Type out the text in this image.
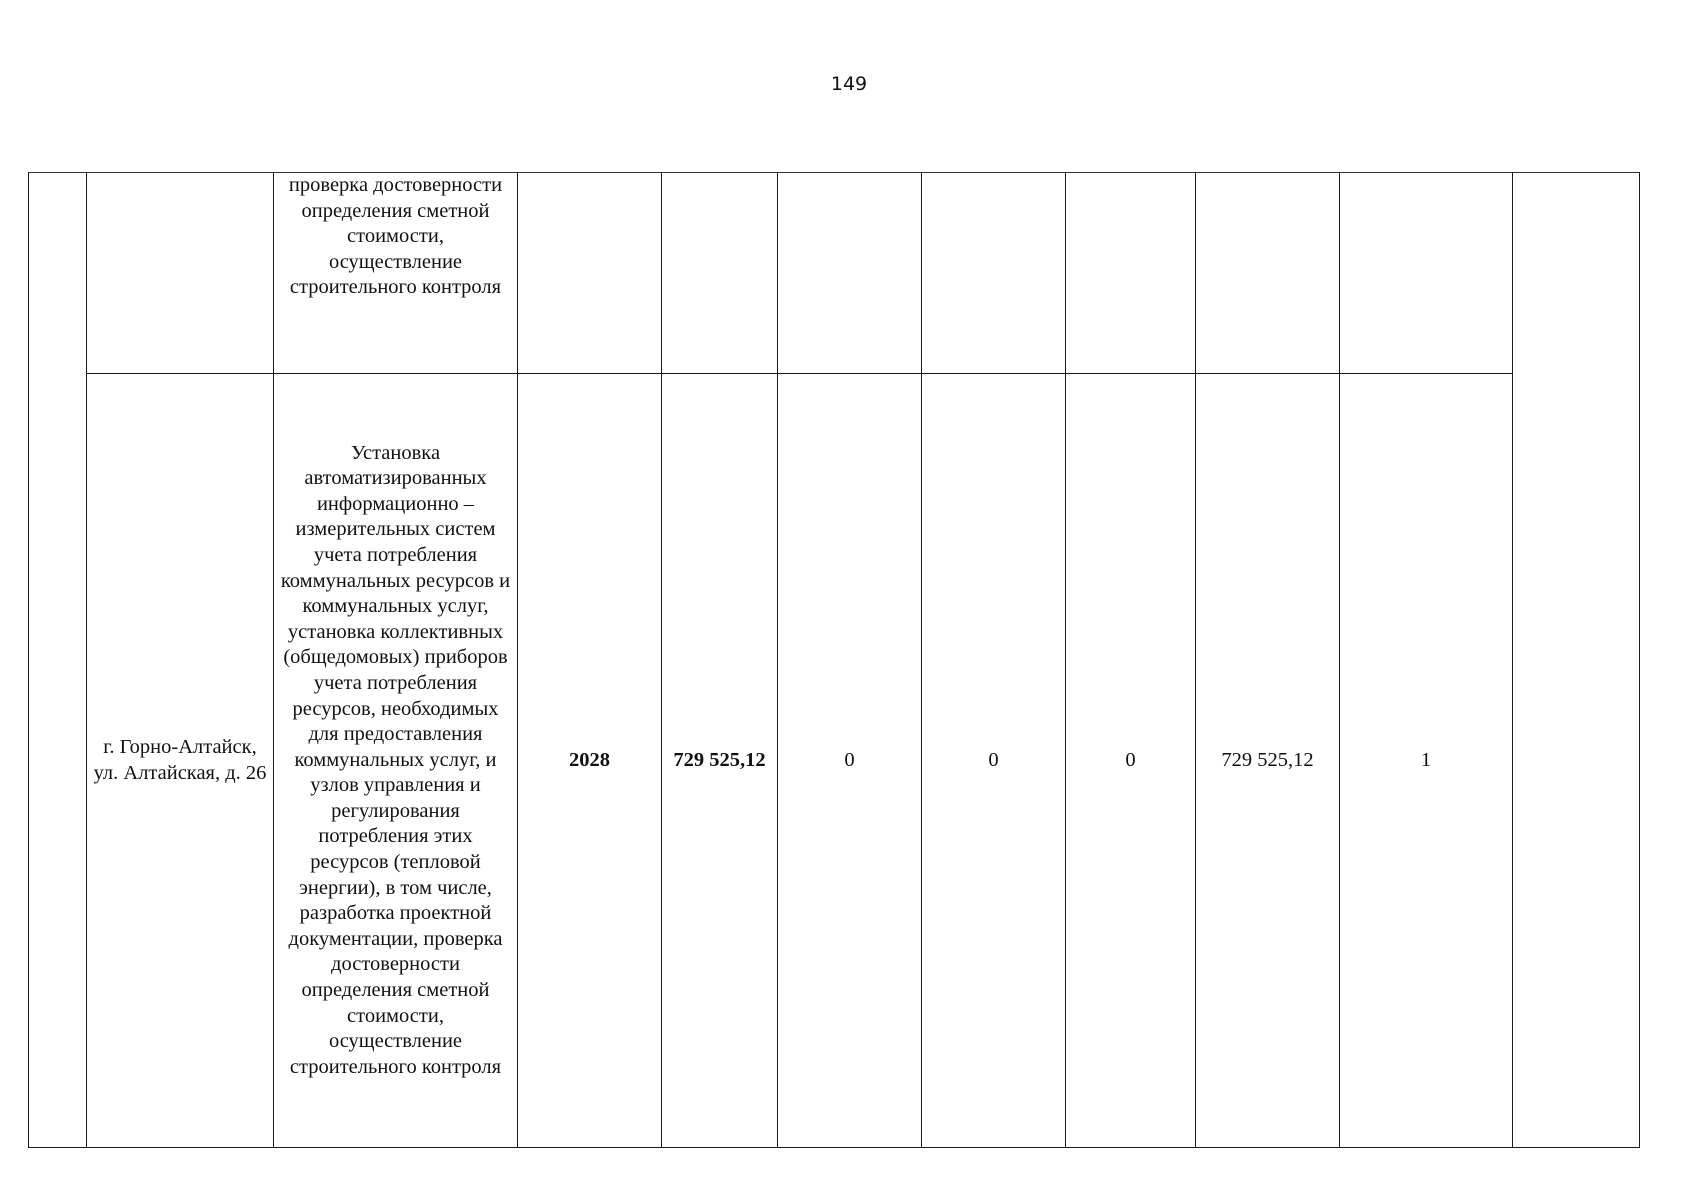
149
		проверка достоверности определения сметной стоимости, осуществление строительного контроля								
	г. Горно-Алтайск, ул. Алтайская, д. 26	Установка автоматизированных информационно – измерительных систем учета потребления коммунальных ресурсов и коммунальных услуг, установка коллективных (общедомовых) приборов учета потребления ресурсов, необходимых для предоставления коммунальных услуг, и узлов управления и регулирования потребления этих ресурсов (тепловой энергии), в том числе, разработка проектной документации, проверка достоверности определения сметной стоимости, осуществление строительного контроля	2028	729 525,12	0	0	0	729 525,12	1	
